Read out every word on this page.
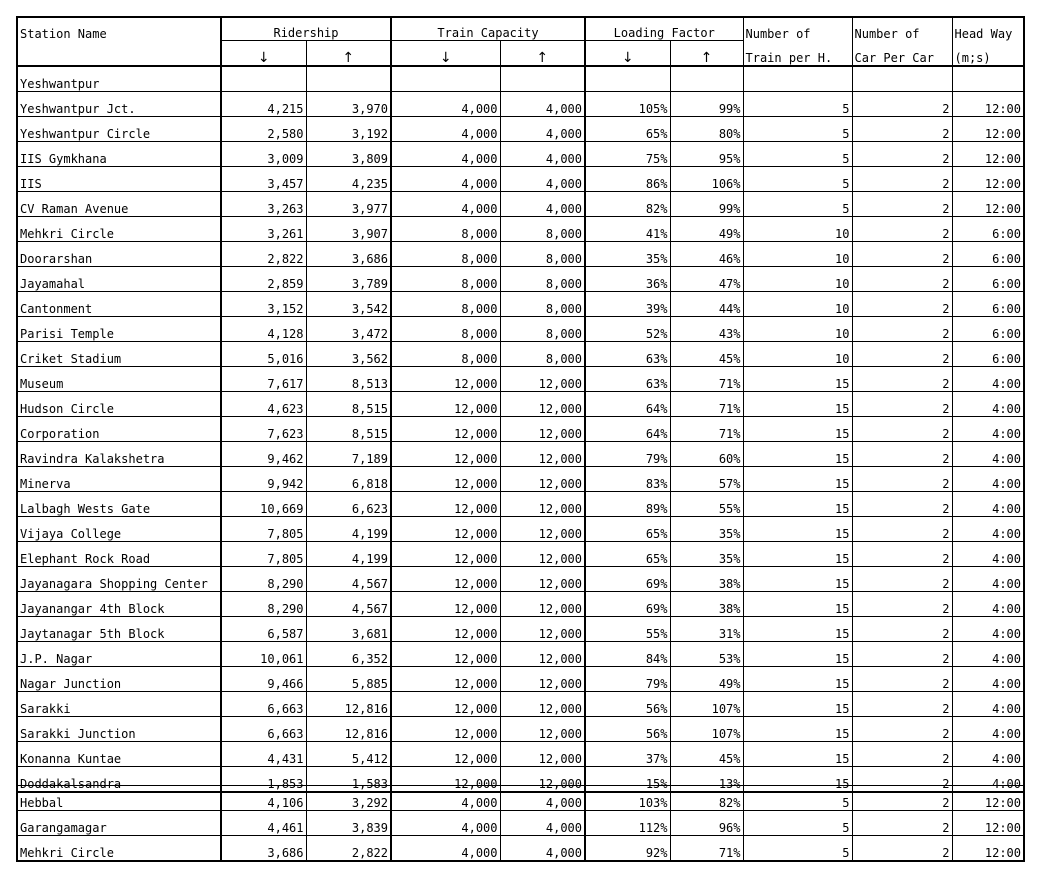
Station Name	Ridership		Train Capacity		Loading Factor		Number of	Number of	Head Way
	↓	↑	↓	↑	↓	↑	Train per H.	Car Per Car	(m;s)
Yeshwantpur									
Yeshwantpur Jct.	4,215	3,970	4,000	4,000	105%	99%	5	2	12:00
Yeshwantpur Circle	2,580	3,192	4,000	4,000	65%	80%	5	2	12:00
IIS Gymkhana	3,009	3,809	4,000	4,000	75%	95%	5	2	12:00
IIS	3,457	4,235	4,000	4,000	86%	106%	5	2	12:00
CV Raman Avenue	3,263	3,977	4,000	4,000	82%	99%	5	2	12:00
Mehkri Circle	3,261	3,907	8,000	8,000	41%	49%	10	2	6:00
Doorarshan	2,822	3,686	8,000	8,000	35%	46%	10	2	6:00
Jayamahal	2,859	3,789	8,000	8,000	36%	47%	10	2	6:00
Cantonment	3,152	3,542	8,000	8,000	39%	44%	10	2	6:00
Parisi Temple	4,128	3,472	8,000	8,000	52%	43%	10	2	6:00
Criket Stadium	5,016	3,562	8,000	8,000	63%	45%	10	2	6:00
Museum	7,617	8,513	12,000	12,000	63%	71%	15	2	4:00
Hudson Circle	4,623	8,515	12,000	12,000	64%	71%	15	2	4:00
Corporation	7,623	8,515	12,000	12,000	64%	71%	15	2	4:00
Ravindra Kalakshetra	9,462	7,189	12,000	12,000	79%	60%	15	2	4:00
Minerva	9,942	6,818	12,000	12,000	83%	57%	15	2	4:00
Lalbagh Wests Gate	10,669	6,623	12,000	12,000	89%	55%	15	2	4:00
Vijaya College	7,805	4,199	12,000	12,000	65%	35%	15	2	4:00
Elephant Rock Road	7,805	4,199	12,000	12,000	65%	35%	15	2	4:00
Jayanagara Shopping Center	8,290	4,567	12,000	12,000	69%	38%	15	2	4:00
Jayanangar 4th Block	8,290	4,567	12,000	12,000	69%	38%	15	2	4:00
Jaytanagar 5th Block	6,587	3,681	12,000	12,000	55%	31%	15	2	4:00
J.P. Nagar	10,061	6,352	12,000	12,000	84%	53%	15	2	4:00
Nagar Junction	9,466	5,885	12,000	12,000	79%	49%	15	2	4:00
Sarakki	6,663	12,816	12,000	12,000	56%	107%	15	2	4:00
Sarakki Junction	6,663	12,816	12,000	12,000	56%	107%	15	2	4:00
Konanna Kuntae	4,431	5,412	12,000	12,000	37%	45%	15	2	4:00
Doddakalsandra	1,853	1,583	12,000	12,000	15%	13%	15	2	4:00
Hebbal	4,106	3,292	4,000	4,000	103%	82%	5	2	12:00
Garangamagar	4,461	3,839	4,000	4,000	112%	96%	5	2	12:00
Mehkri Circle	3,686	2,822	4,000	4,000	92%	71%	5	2	12:00
